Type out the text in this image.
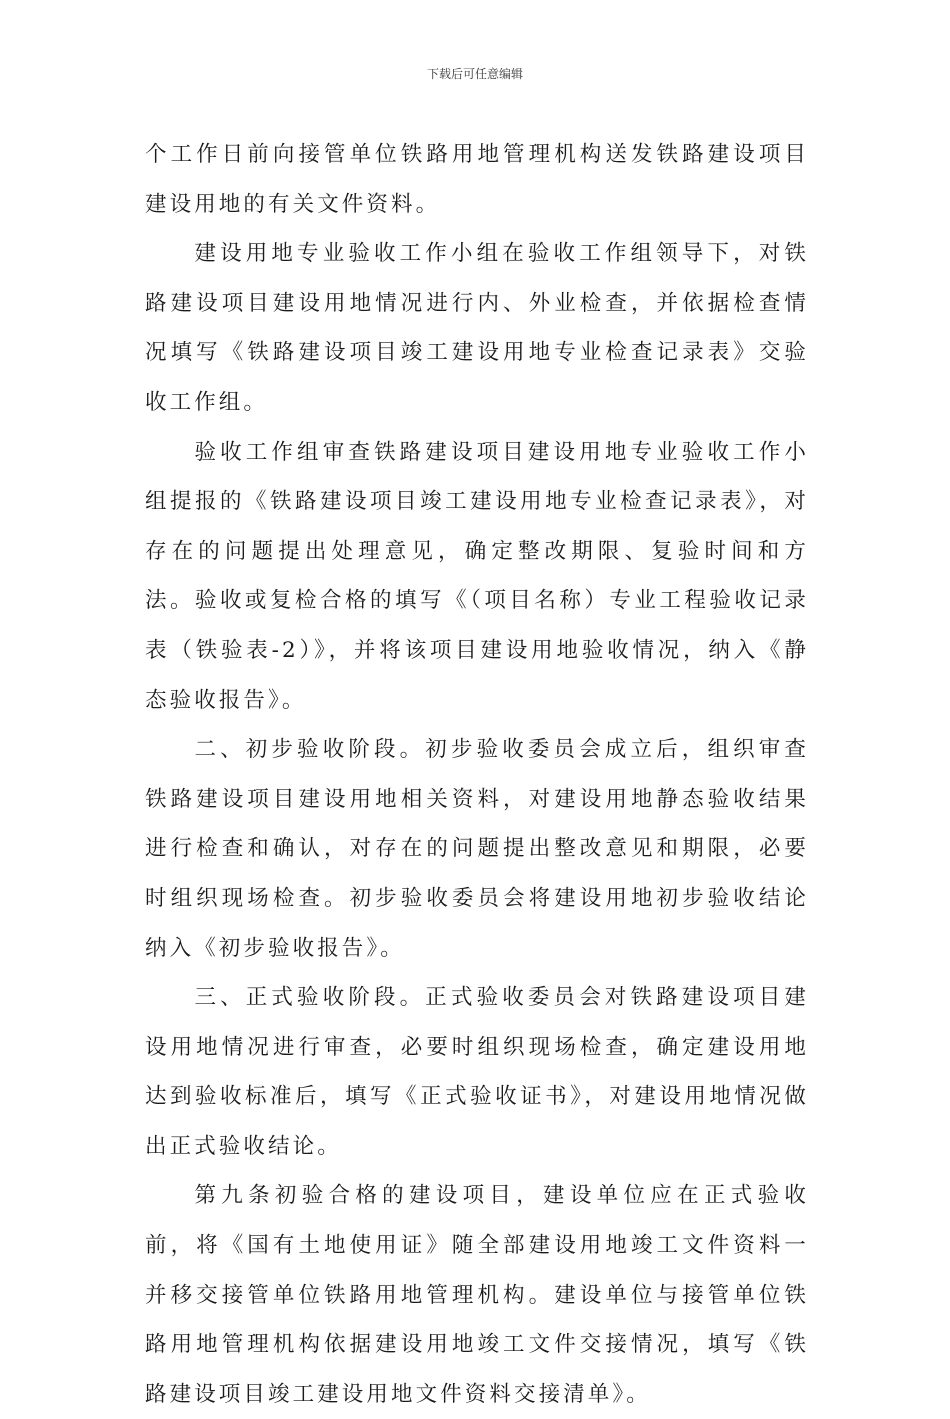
下载后可任意编辑

个工作日前向接管单位铁路用地管理机构送发铁路建设项目建设用地的有关文件资料。

建设用地专业验收工作小组在验收工作组领导下，对铁路建设项目建设用地情况进行内、外业检查，并依据检查情况填写《铁路建设项目竣工建设用地专业检查记录表》交验收工作组。

验收工作组审查铁路建设项目建设用地专业验收工作小组提报的《铁路建设项目竣工建设用地专业检查记录表》，对存在的问题提出处理意见，确定整改期限、复验时间和方法。验收或复检合格的填写《（项目名称）专业工程验收记录表（铁验表-2）》，并将该项目建设用地验收情况，纳入《静态验收报告》。

二、初步验收阶段。初步验收委员会成立后，组织审查铁路建设项目建设用地相关资料，对建设用地静态验收结果进行检查和确认，对存在的问题提出整改意见和期限，必要时组织现场检查。初步验收委员会将建设用地初步验收结论纳入《初步验收报告》。

三、正式验收阶段。正式验收委员会对铁路建设项目建设用地情况进行审查，必要时组织现场检查，确定建设用地达到验收标准后，填写《正式验收证书》，对建设用地情况做出正式验收结论。

第九条初验合格的建设项目，建设单位应在正式验收前，将《国有土地使用证》随全部建设用地竣工文件资料一并移交接管单位铁路用地管理机构。建设单位与接管单位铁路用地管理机构依据建设用地竣工文件交接情况，填写《铁路建设项目竣工建设用地文件资料交接清单》。
